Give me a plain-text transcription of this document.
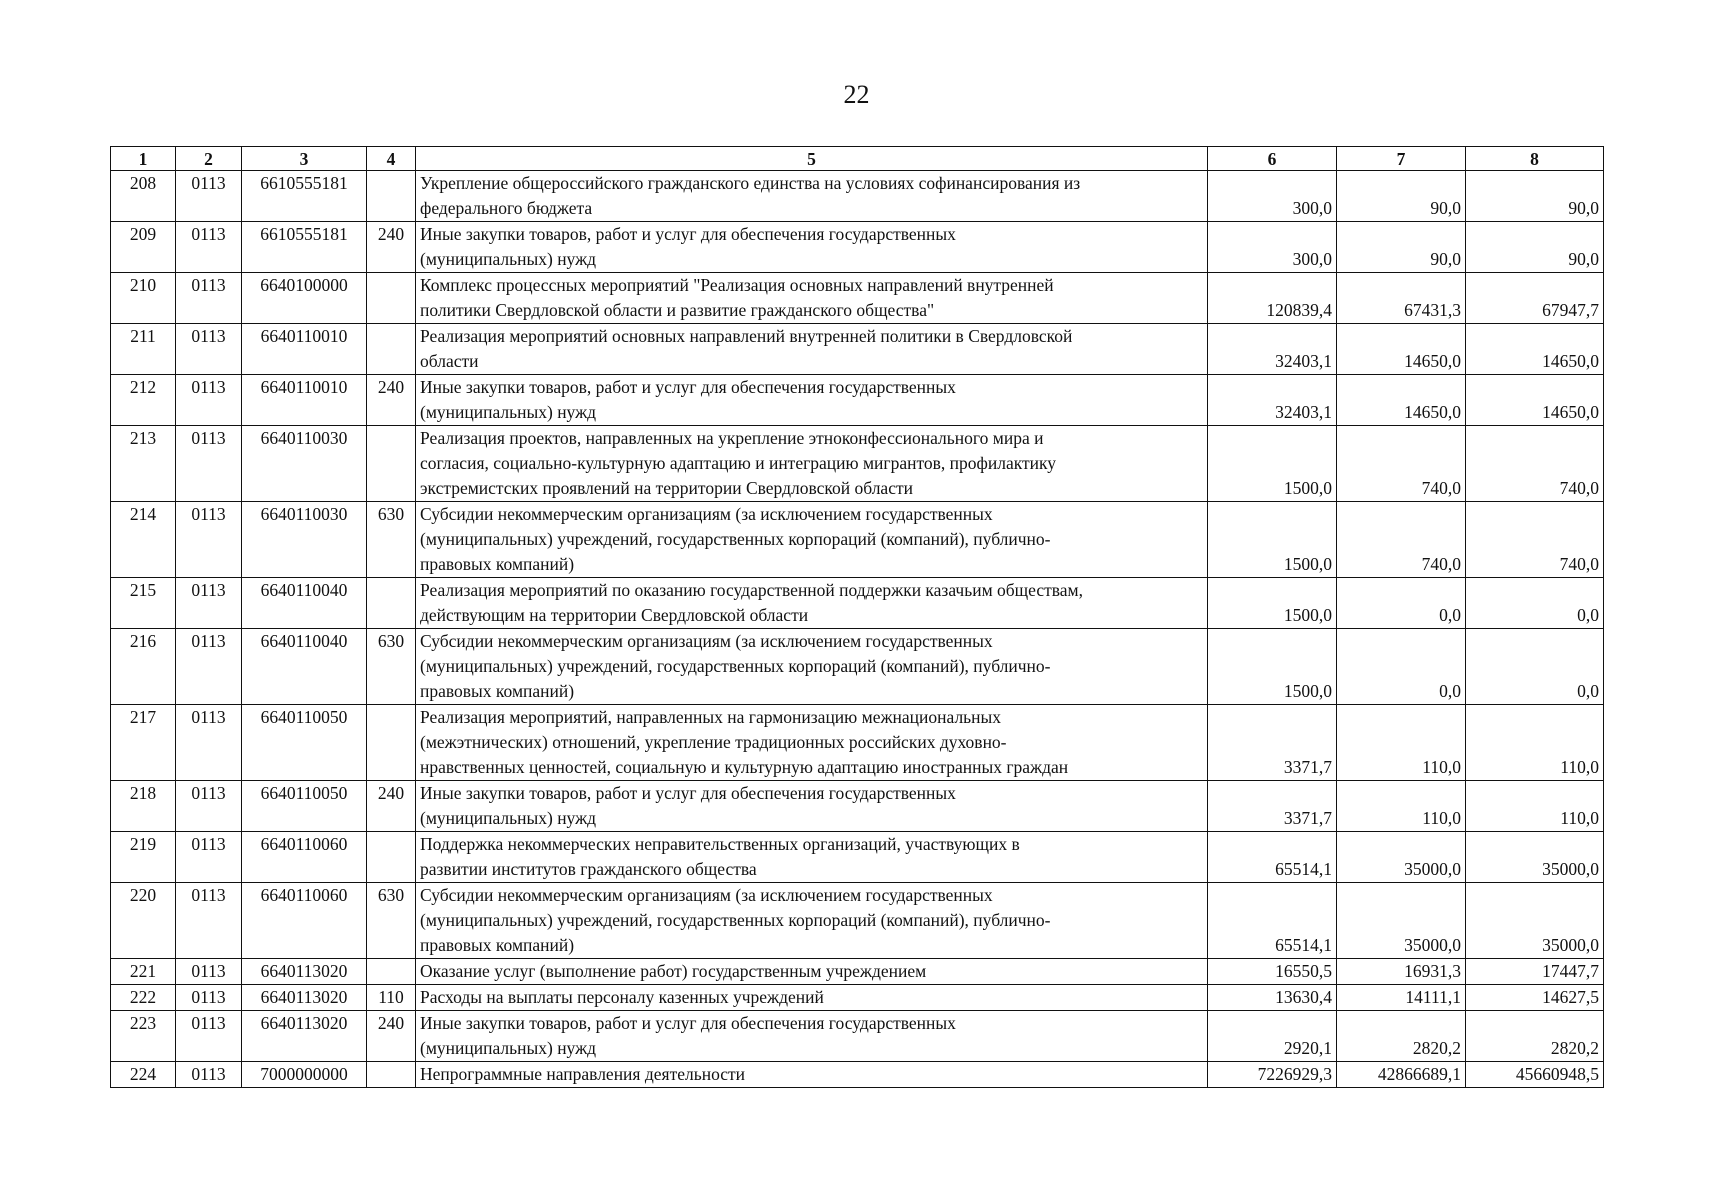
22
1	2	3	4	5	6	7	8
208	0113	6610555181		Укрепление общероссийского гражданского единства на условиях софинансирования из
федерального бюджета	300,0	90,0	90,0
209	0113	6610555181	240	Иные закупки товаров, работ и услуг для обеспечения государственных
(муниципальных) нужд	300,0	90,0	90,0
210	0113	6640100000		Комплекс процессных мероприятий "Реализация основных направлений внутренней
политики Свердловской области и развитие гражданского общества"	120839,4	67431,3	67947,7
211	0113	6640110010		Реализация мероприятий основных направлений внутренней политики в Свердловской
области	32403,1	14650,0	14650,0
212	0113	6640110010	240	Иные закупки товаров, работ и услуг для обеспечения государственных
(муниципальных) нужд	32403,1	14650,0	14650,0
213	0113	6640110030		Реализация проектов, направленных на укрепление этноконфессионального мира и
согласия, социально-культурную адаптацию и интеграцию мигрантов, профилактику
экстремистских проявлений на территории Свердловской области	1500,0	740,0	740,0
214	0113	6640110030	630	Субсидии некоммерческим организациям (за исключением государственных
(муниципальных) учреждений, государственных корпораций (компаний), публично-
правовых компаний)	1500,0	740,0	740,0
215	0113	6640110040		Реализация мероприятий по оказанию государственной поддержки казачьим обществам,
действующим на территории Свердловской области	1500,0	0,0	0,0
216	0113	6640110040	630	Субсидии некоммерческим организациям (за исключением государственных
(муниципальных) учреждений, государственных корпораций (компаний), публично-
правовых компаний)	1500,0	0,0	0,0
217	0113	6640110050		Реализация мероприятий, направленных на гармонизацию межнациональных
(межэтнических) отношений, укрепление традиционных российских духовно-
нравственных ценностей, социальную и культурную адаптацию иностранных граждан	3371,7	110,0	110,0
218	0113	6640110050	240	Иные закупки товаров, работ и услуг для обеспечения государственных
(муниципальных) нужд	3371,7	110,0	110,0
219	0113	6640110060		Поддержка некоммерческих неправительственных организаций, участвующих в
развитии институтов гражданского общества	65514,1	35000,0	35000,0
220	0113	6640110060	630	Субсидии некоммерческим организациям (за исключением государственных
(муниципальных) учреждений, государственных корпораций (компаний), публично-
правовых компаний)	65514,1	35000,0	35000,0
221	0113	6640113020		Оказание услуг (выполнение работ) государственным учреждением	16550,5	16931,3	17447,7
222	0113	6640113020	110	Расходы на выплаты персоналу казенных учреждений	13630,4	14111,1	14627,5
223	0113	6640113020	240	Иные закупки товаров, работ и услуг для обеспечения государственных
(муниципальных) нужд	2920,1	2820,2	2820,2
224	0113	7000000000		Непрограммные направления деятельности	7226929,3	42866689,1	45660948,5
